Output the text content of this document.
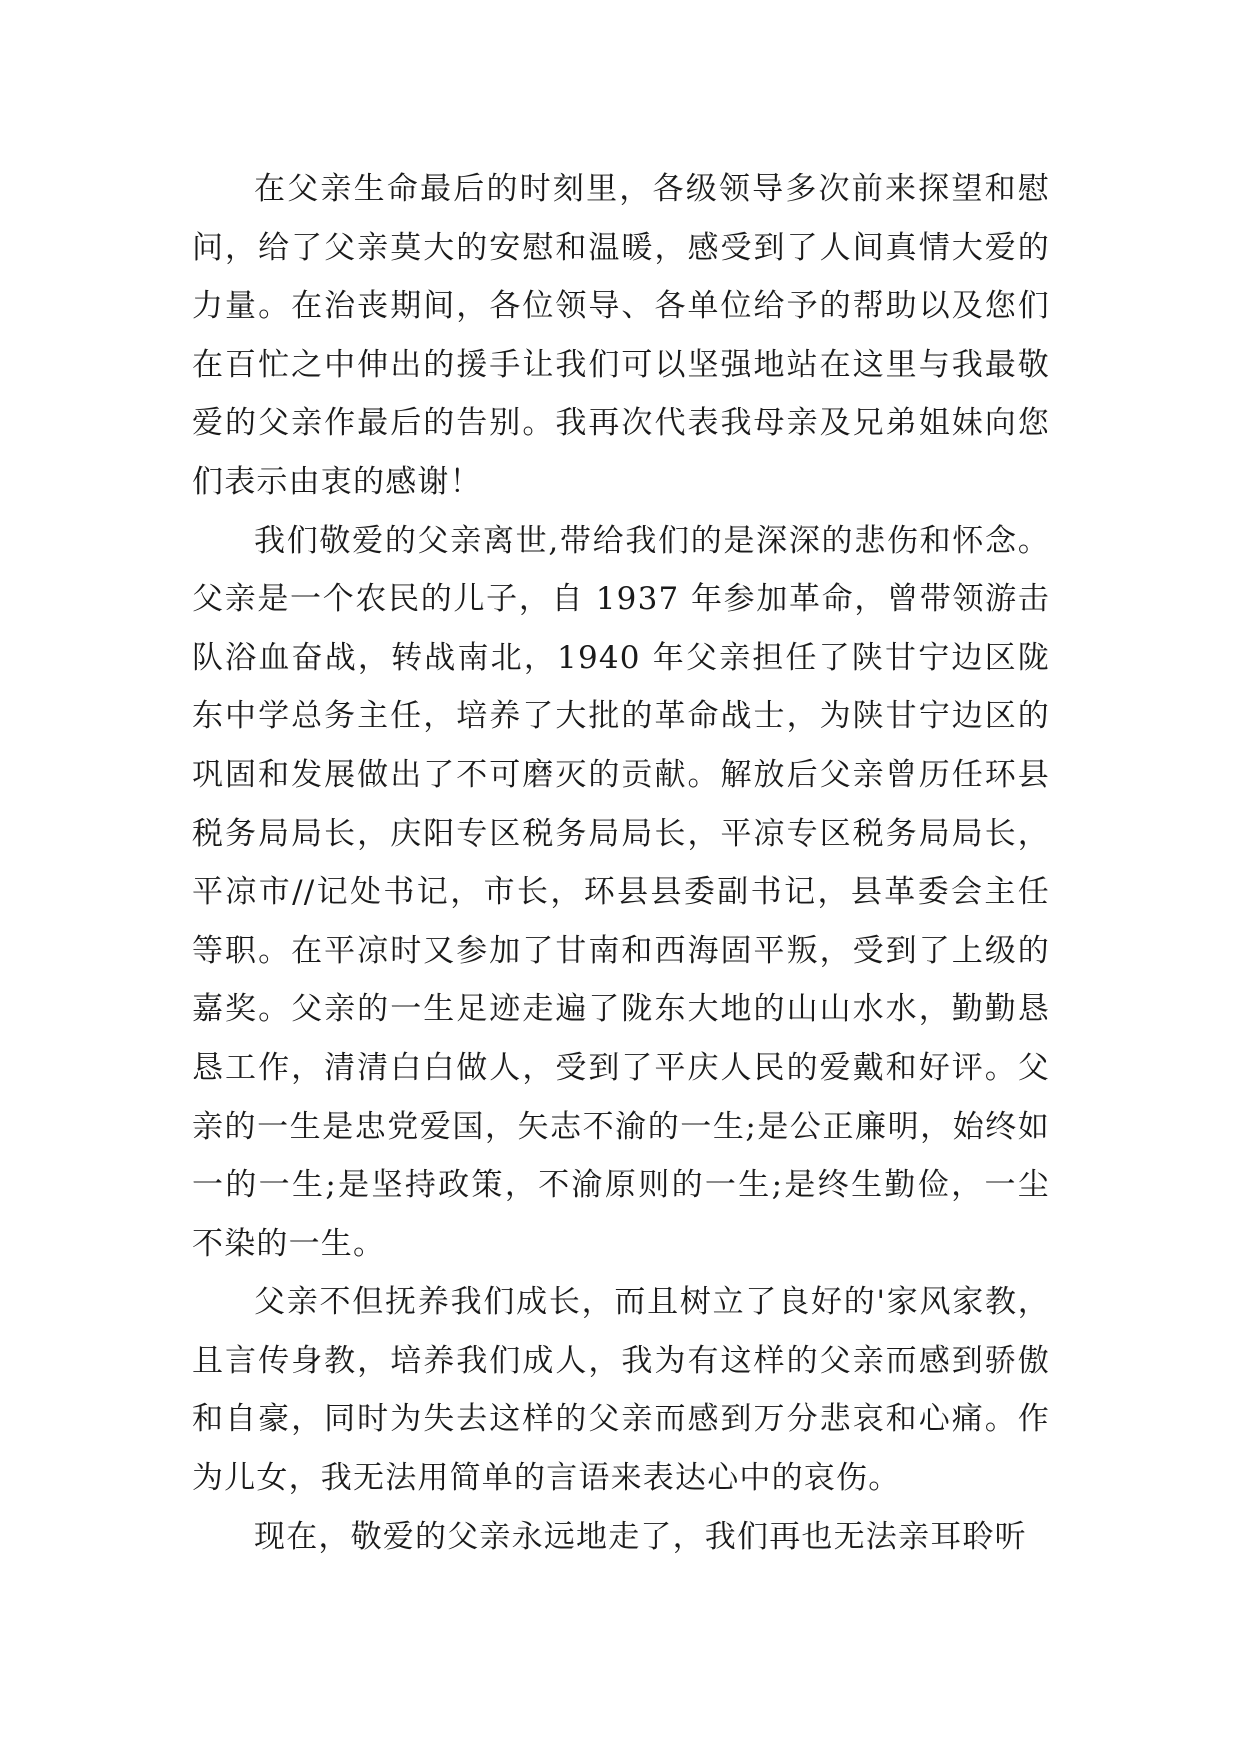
在父亲生命最后的时刻里，各级领导多次前来探望和慰问，给了父亲莫大的安慰和温暖，感受到了人间真情大爱的力量。在治丧期间，各位领导、各单位给予的帮助以及您们在百忙之中伸出的援手让我们可以坚强地站在这里与我最敬爱的父亲作最后的告别。我再次代表我母亲及兄弟姐妹向您们表示由衷的感谢！

我们敬爱的父亲离世,带给我们的是深深的悲伤和怀念。父亲是一个农民的儿子，自 1937 年参加革命，曾带领游击队浴血奋战，转战南北，1940 年父亲担任了陕甘宁边区陇东中学总务主任，培养了大批的革命战士，为陕甘宁边区的巩固和发展做出了不可磨灭的贡献。解放后父亲曾历任环县税务局局长，庆阳专区税务局局长，平凉专区税务局局长，平凉市//记处书记，市长，环县县委副书记，县革委会主任等职。在平凉时又参加了甘南和西海固平叛，受到了上级的嘉奖。父亲的一生足迹走遍了陇东大地的山山水水，勤勤恳恳工作，清清白白做人，受到了平庆人民的爱戴和好评。父亲的一生是忠党爱国，矢志不渝的一生;是公正廉明，始终如一的一生;是坚持政策，不渝原则的一生;是终生勤俭，一尘不染的一生。

父亲不但抚养我们成长，而且树立了良好的'家风家教，且言传身教，培养我们成人，我为有这样的父亲而感到骄傲和自豪，同时为失去这样的父亲而感到万分悲哀和心痛。作为儿女，我无法用简单的言语来表达心中的哀伤。

现在，敬爱的父亲永远地走了，我们再也无法亲耳聆听
